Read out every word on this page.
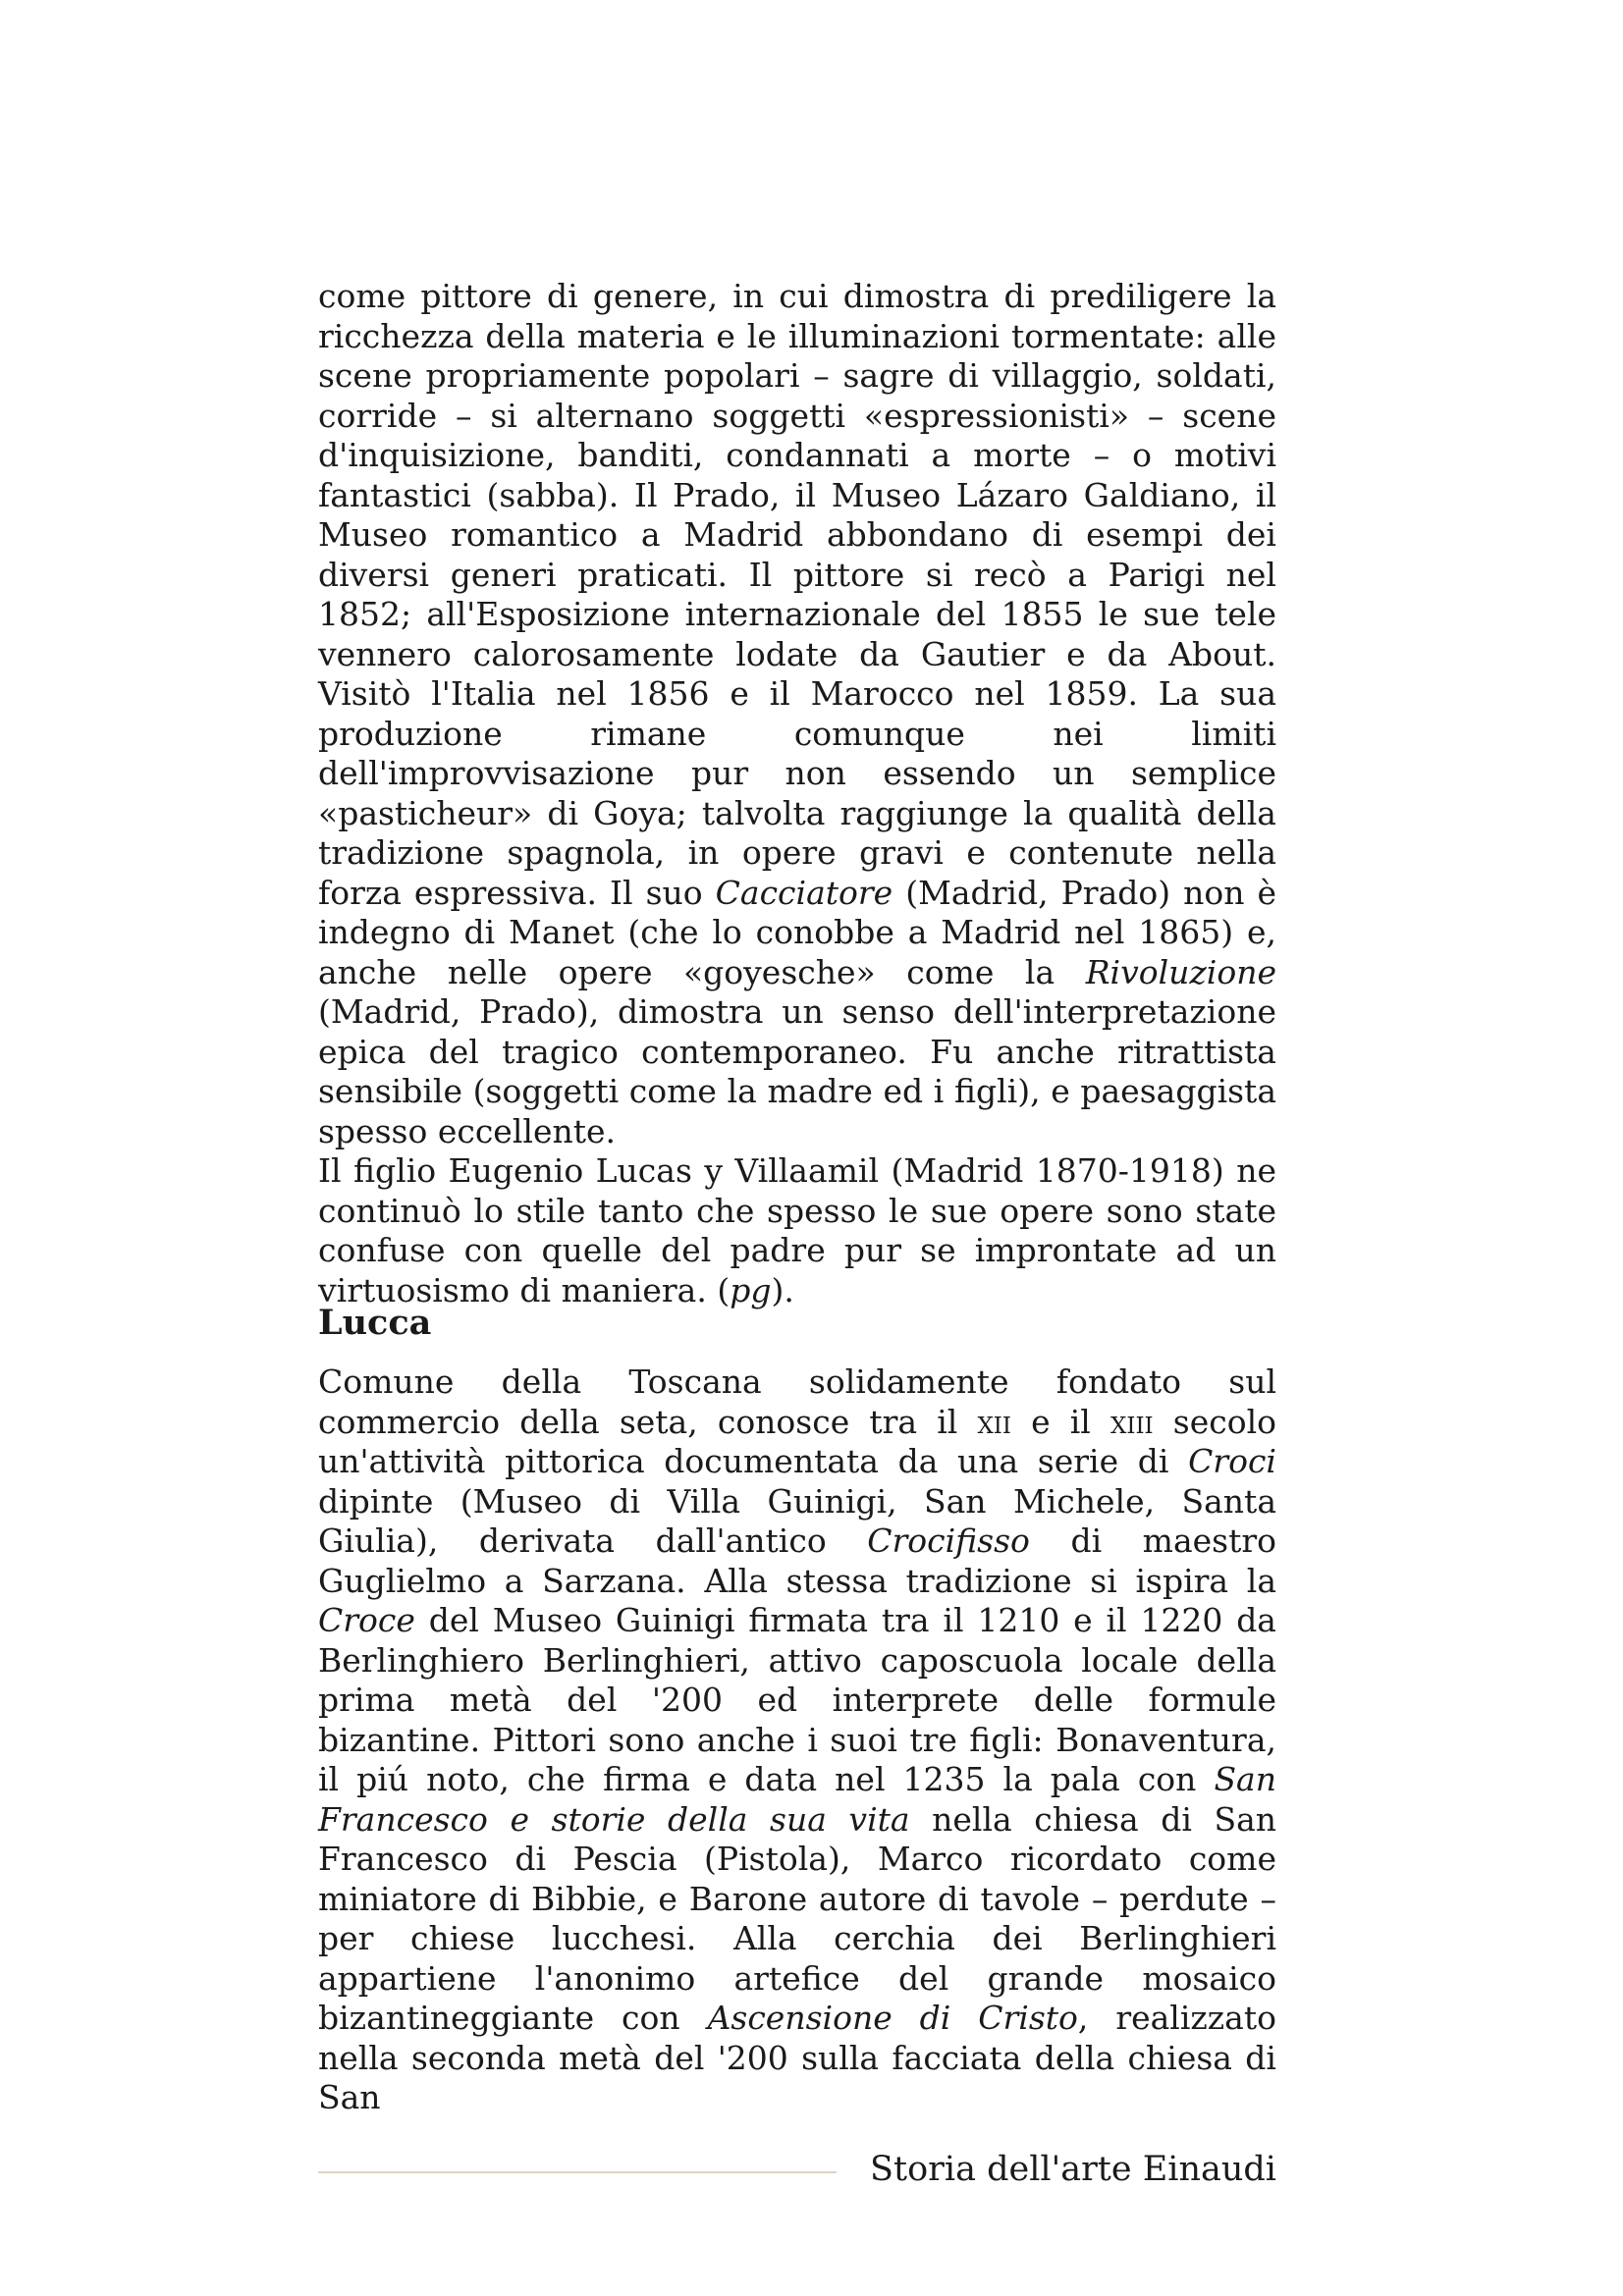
come pittore di genere, in cui dimostra di prediligere la ricchezza della materia e le illuminazioni tormentate: alle scene propriamente popolari – sagre di villaggio, soldati, corride – si alternano soggetti «espressionisti» – scene d'inquisizione, banditi, condannati a morte – o motivi fantastici (sabba). Il Prado, il Museo Lázaro Galdiano, il Museo romantico a Madrid abbondano di esempi dei diversi generi praticati. Il pittore si recò a Parigi nel 1852; all'Esposizione internazionale del 1855 le sue tele vennero calorosamente lodate da Gautier e da About. Visitò l'Italia nel 1856 e il Marocco nel 1859. La sua produzione rimane comunque nei limiti dell'improvvisazione pur non essendo un semplice «pasticheur» di Goya; talvolta raggiunge la qualità della tradizione spagnola, in opere gravi e contenute nella forza espressiva. Il suo Cacciatore (Madrid, Prado) non è indegno di Manet (che lo conobbe a Madrid nel 1865) e, anche nelle opere «goyesche» come la Rivoluzione (Madrid, Prado), dimostra un senso dell'interpretazione epica del tragico contemporaneo. Fu anche ritrattista sensibile (soggetti come la madre ed i figli), e paesaggista spesso eccellente.

Il figlio Eugenio Lucas y Villaamil (Madrid 1870-1918) ne continuò lo stile tanto che spesso le sue opere sono state confuse con quelle del padre pur se improntate ad un virtuosismo di maniera. (pg).

Lucca

Comune della Toscana solidamente fondato sul commercio della seta, conosce tra il xii e il xiii secolo un'attività pittorica documentata da una serie di Croci dipinte (Museo di Villa Guinigi, San Michele, Santa Giulia), derivata dall'antico Crocifisso di maestro Guglielmo a Sarzana. Alla stessa tradizione si ispira la Croce del Museo Guinigi firmata tra il 1210 e il 1220 da Berlinghiero Berlinghieri, attivo caposcuola locale della prima metà del '200 ed interprete delle formule bizantine. Pittori sono anche i suoi tre figli: Bonaventura, il piú noto, che firma e data nel 1235 la pala con San Francesco e storie della sua vita nella chiesa di San Francesco di Pescia (Pistola), Marco ricordato come miniatore di Bibbie, e Barone autore di tavole – perdute – per chiese lucchesi. Alla cerchia dei Berlinghieri appartiene l'anonimo artefice del grande mosaico bizantineggiante con Ascensione di Cristo, realizzato nella seconda metà del '200 sulla facciata della chiesa di San

Storia dell'arte Einaudi
